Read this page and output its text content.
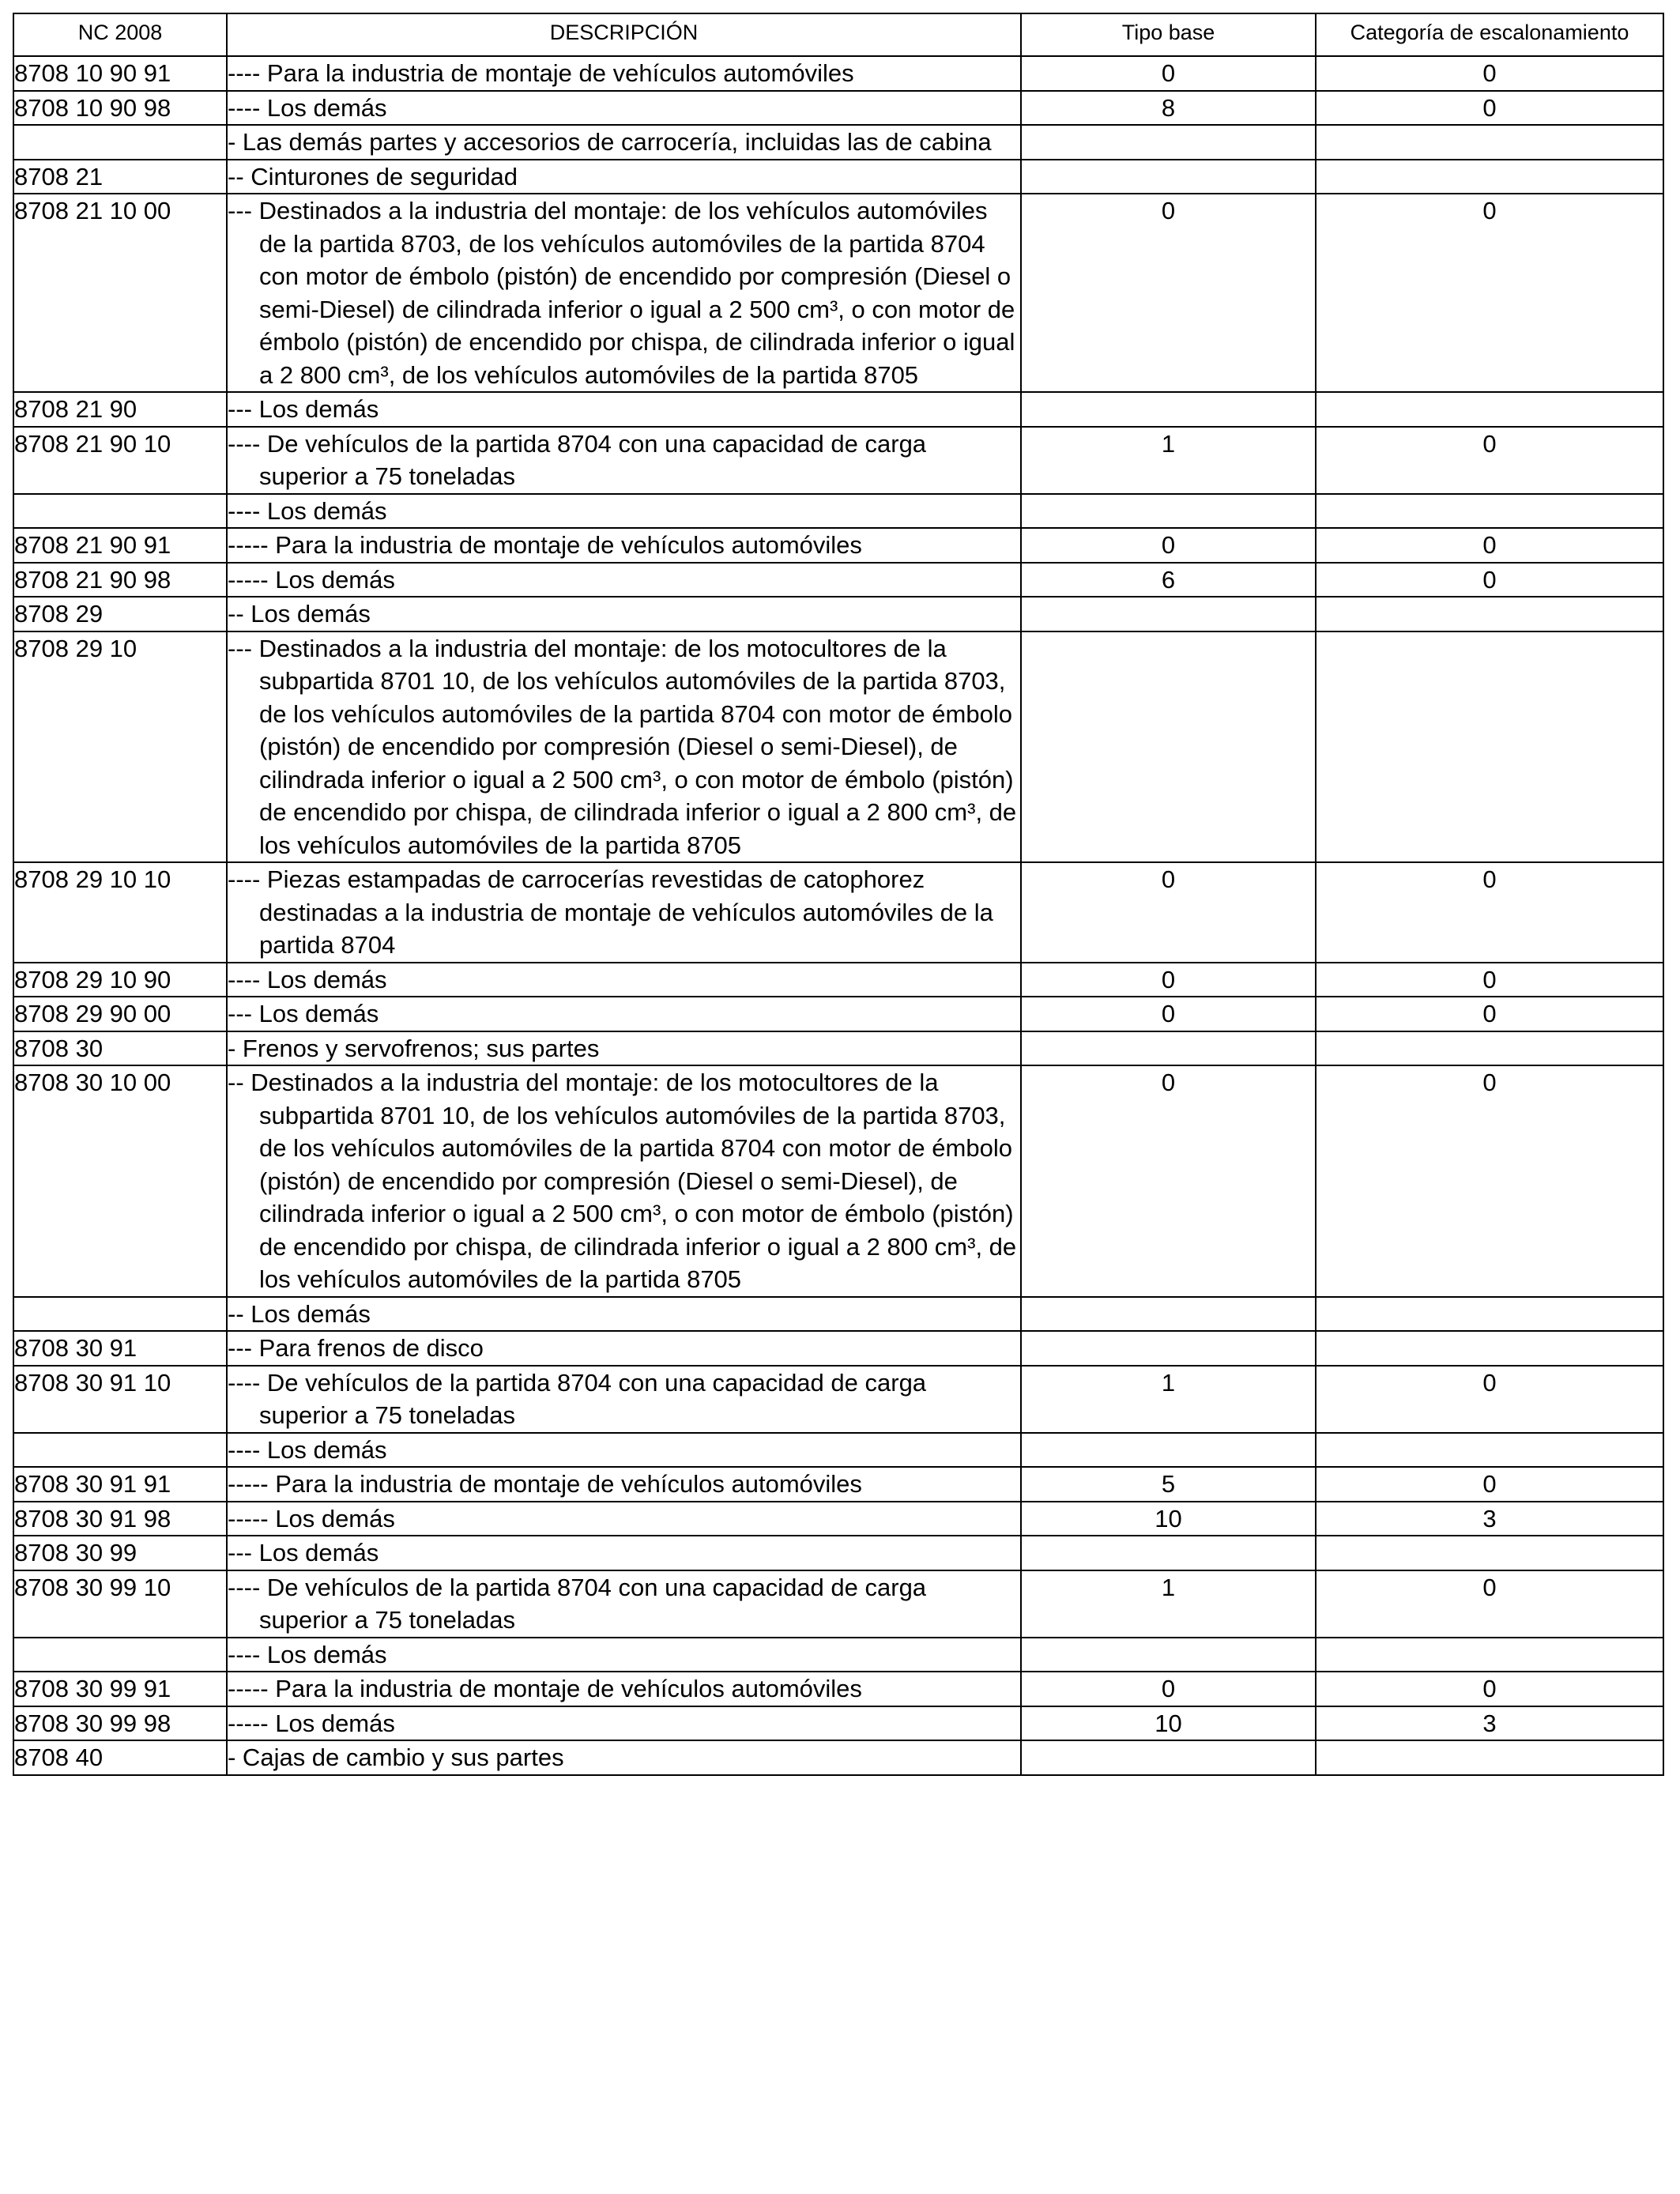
NC 2008	DESCRIPCIÓN	Tipo base	Categoría de escalonamiento
8708 10 90 91	---- Para la industria de montaje de vehículos automóviles	0	0
8708 10 90 98	---- Los demás	8	0

	- Las demás partes y accesorios de carrocería, incluidas las de cabina		

8708 21	-- Cinturones de seguridad		

8708 21 10 00	--- Destinados a la industria del montaje: de los vehículos automóviles de la partida 8703, de los vehículos automóviles de la partida 8704 con motor de émbolo (pistón) de encendido por compresión (Diesel o semi-Diesel) de cilindrada inferior o igual a 2 500 cm³, o con motor de émbolo (pistón) de encendido por chispa, de cilindrada inferior o igual a 2 800 cm³, de los vehículos automóviles de la partida 8705	0	0
8708 21 90	--- Los demás		

8708 21 90 10	---- De vehículos de la partida 8704 con una capacidad de carga superior a 75 toneladas	1	0

	---- Los demás		

8708 21 90 91	----- Para la industria de montaje de vehículos automóviles	0	0
8708 21 90 98	----- Los demás	6	0
8708 29	-- Los demás		

8708 29 10	--- Destinados a la industria del montaje: de los motocultores de la subpartida 8701 10, de los vehículos automóviles de la partida 8703, de los vehículos automóviles de la partida 8704 con motor de émbolo (pistón) de encendido por compresión (Diesel o semi-Diesel), de cilindrada inferior o igual a 2 500 cm³, o con motor de émbolo (pistón) de encendido por chispa, de cilindrada inferior o igual a 2 800 cm³, de los vehículos automóviles de la partida 8705		

8708 29 10 10	---- Piezas estampadas de carrocerías revestidas de catophorez destinadas a la industria de montaje de vehículos automóviles de la partida 8704	0	0
8708 29 10 90	---- Los demás	0	0
8708 29 90 00	--- Los demás	0	0
8708 30	- Frenos y servofrenos; sus partes		

8708 30 10 00	-- Destinados a la industria del montaje: de los motocultores de la subpartida 8701 10, de los vehículos automóviles de la partida 8703, de los vehículos automóviles de la partida 8704 con motor de émbolo (pistón) de encendido por compresión (Diesel o semi-Diesel), de cilindrada inferior o igual a 2 500 cm³, o con motor de émbolo (pistón) de encendido por chispa, de cilindrada inferior o igual a 2 800 cm³, de los vehículos automóviles de la partida 8705	0	0

	-- Los demás		

8708 30 91	--- Para frenos de disco		

8708 30 91 10	---- De vehículos de la partida 8704 con una capacidad de carga superior a 75 toneladas	1	0

	---- Los demás		

8708 30 91 91	----- Para la industria de montaje de vehículos automóviles	5	0
8708 30 91 98	----- Los demás	10	3
8708 30 99	--- Los demás		

8708 30 99 10	---- De vehículos de la partida 8704 con una capacidad de carga superior a 75 toneladas	1	0

	---- Los demás		

8708 30 99 91	----- Para la industria de montaje de vehículos automóviles	0	0
8708 30 99 98	----- Los demás	10	3
8708 40	- Cajas de cambio y sus partes		
